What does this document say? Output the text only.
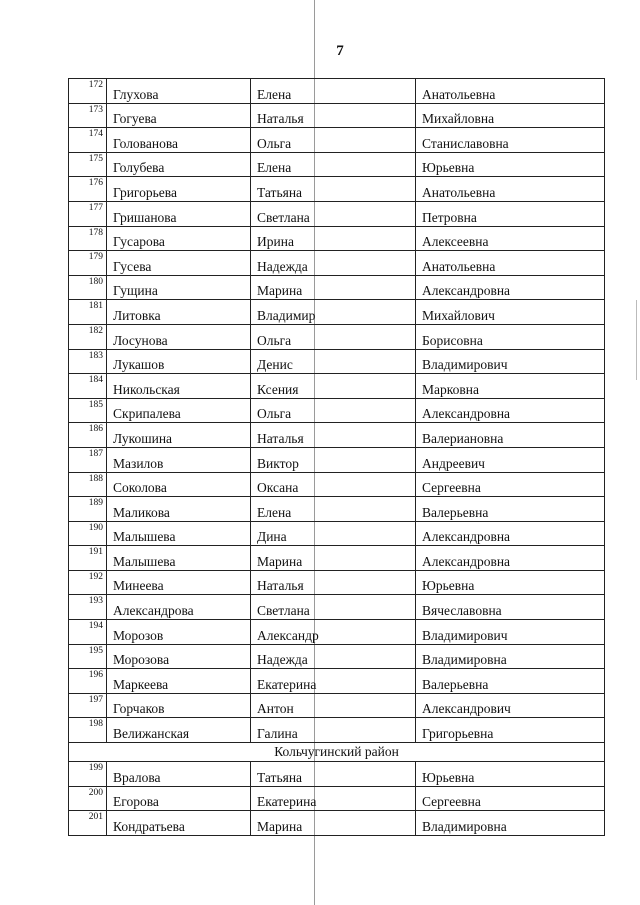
7
172	Глухова	Елена	Анатольевна
173	Гогуева	Наталья	Михайловна
174	Голованова	Ольга	Станиславовна
175	Голубева	Елена	Юрьевна
176	Григорьева	Татьяна	Анатольевна
177	Гришанова	Светлана	Петровна
178	Гусарова	Ирина	Алексеевна
179	Гусева	Надежда	Анатольевна
180	Гущина	Марина	Александровна
181	Литовка	Владимир	Михайлович
182	Лосунова	Ольга	Борисовна
183	Лукашов	Денис	Владимирович
184	Никольская	Ксения	Марковна
185	Скрипалева	Ольга	Александровна
186	Лукошина	Наталья	Валериановна
187	Мазилов	Виктор	Андреевич
188	Соколова	Оксана	Сергеевна
189	Маликова	Елена	Валерьевна
190	Малышева	Дина	Александровна
191	Малышева	Марина	Александровна
192	Минеева	Наталья	Юрьевна
193	Александрова	Светлана	Вячеславовна
194	Морозов	Александр	Владимирович
195	Морозова	Надежда	Владимировна
196	Маркеева	Екатерина	Валерьевна
197	Горчаков	Антон	Александрович
198	Велижанская	Галина	Григорьевна
Кольчугинский район			
199	Вралова	Татьяна	Юрьевна
200	Егорова	Екатерина	Сергеевна
201	Кондратьева	Марина	Владимировна
